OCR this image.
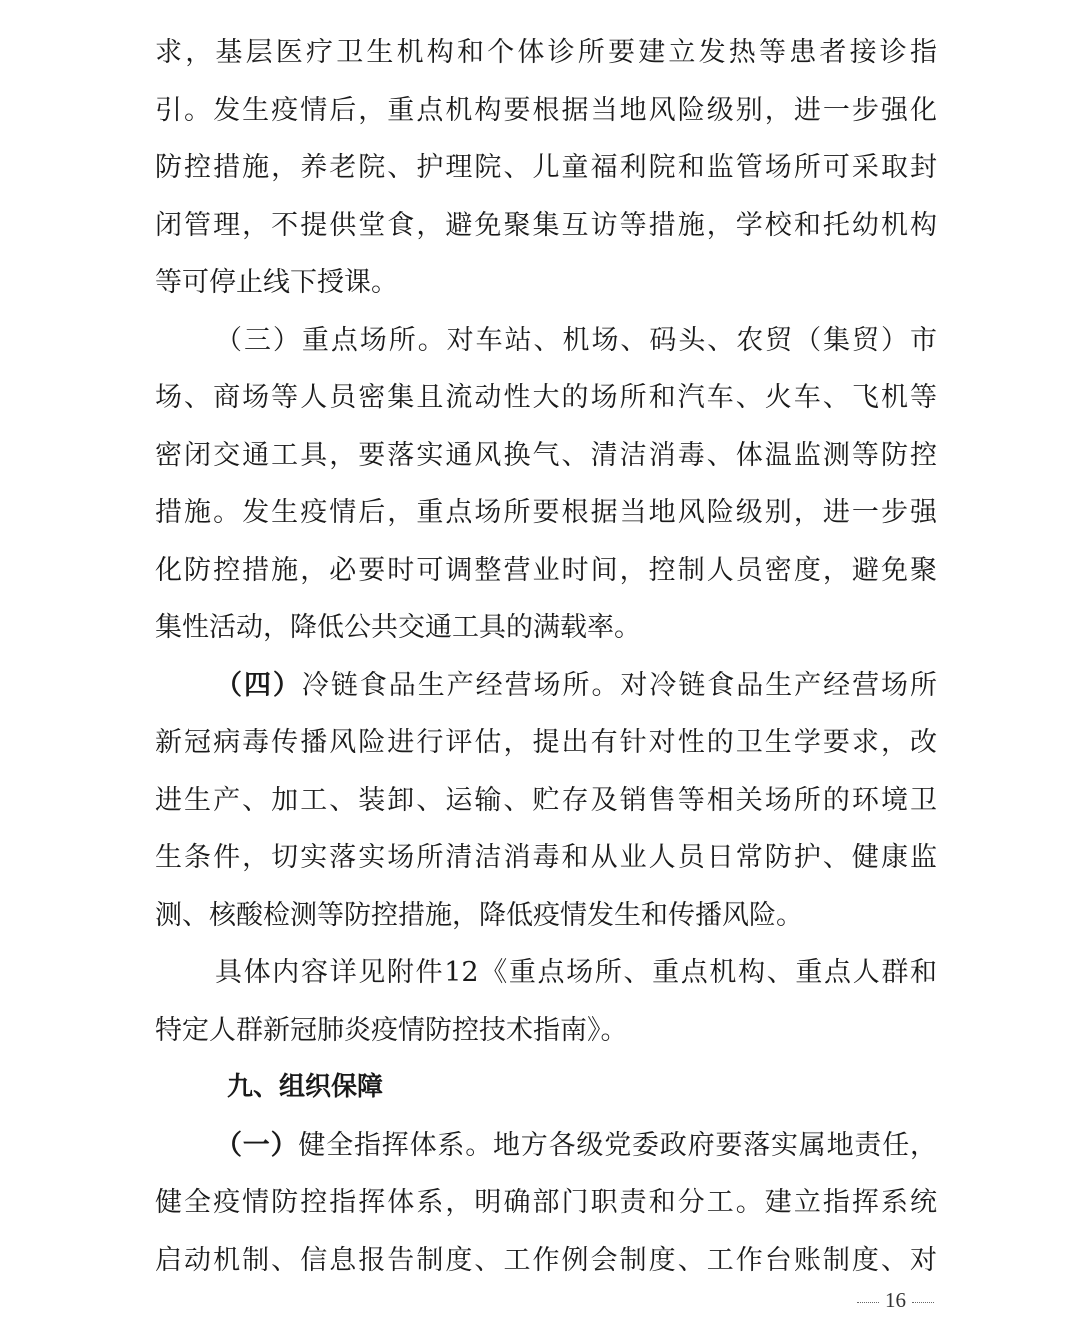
求，基层医疗卫生机构和个体诊所要建立发热等患者接诊指
引。发生疫情后，重点机构要根据当地风险级别，进一步强化
防控措施，养老院、护理院、儿童福利院和监管场所可采取封
闭管理，不提供堂食，避免聚集互访等措施，学校和托幼机构
等可停止线下授课。
（三）重点场所。对车站、机场、码头、农贸（集贸）市
场、商场等人员密集且流动性大的场所和汽车、火车、飞机等
密闭交通工具，要落实通风换气、清洁消毒、体温监测等防控
措施。发生疫情后，重点场所要根据当地风险级别，进一步强
化防控措施，必要时可调整营业时间，控制人员密度，避免聚
集性活动，降低公共交通工具的满载率。
（四）冷链食品生产经营场所。对冷链食品生产经营场所
新冠病毒传播风险进行评估，提出有针对性的卫生学要求，改
进生产、加工、装卸、运输、贮存及销售等相关场所的环境卫
生条件，切实落实场所清洁消毒和从业人员日常防护、健康监
测、核酸检测等防控措施，降低疫情发生和传播风险。
具体内容详见附件12《重点场所、重点机构、重点人群和
特定人群新冠肺炎疫情防控技术指南》。
九、组织保障
（一）健全指挥体系。地方各级党委政府要落实属地责任，
健全疫情防控指挥体系，明确部门职责和分工。建立指挥系统
启动机制、信息报告制度、工作例会制度、工作台账制度、对
16
